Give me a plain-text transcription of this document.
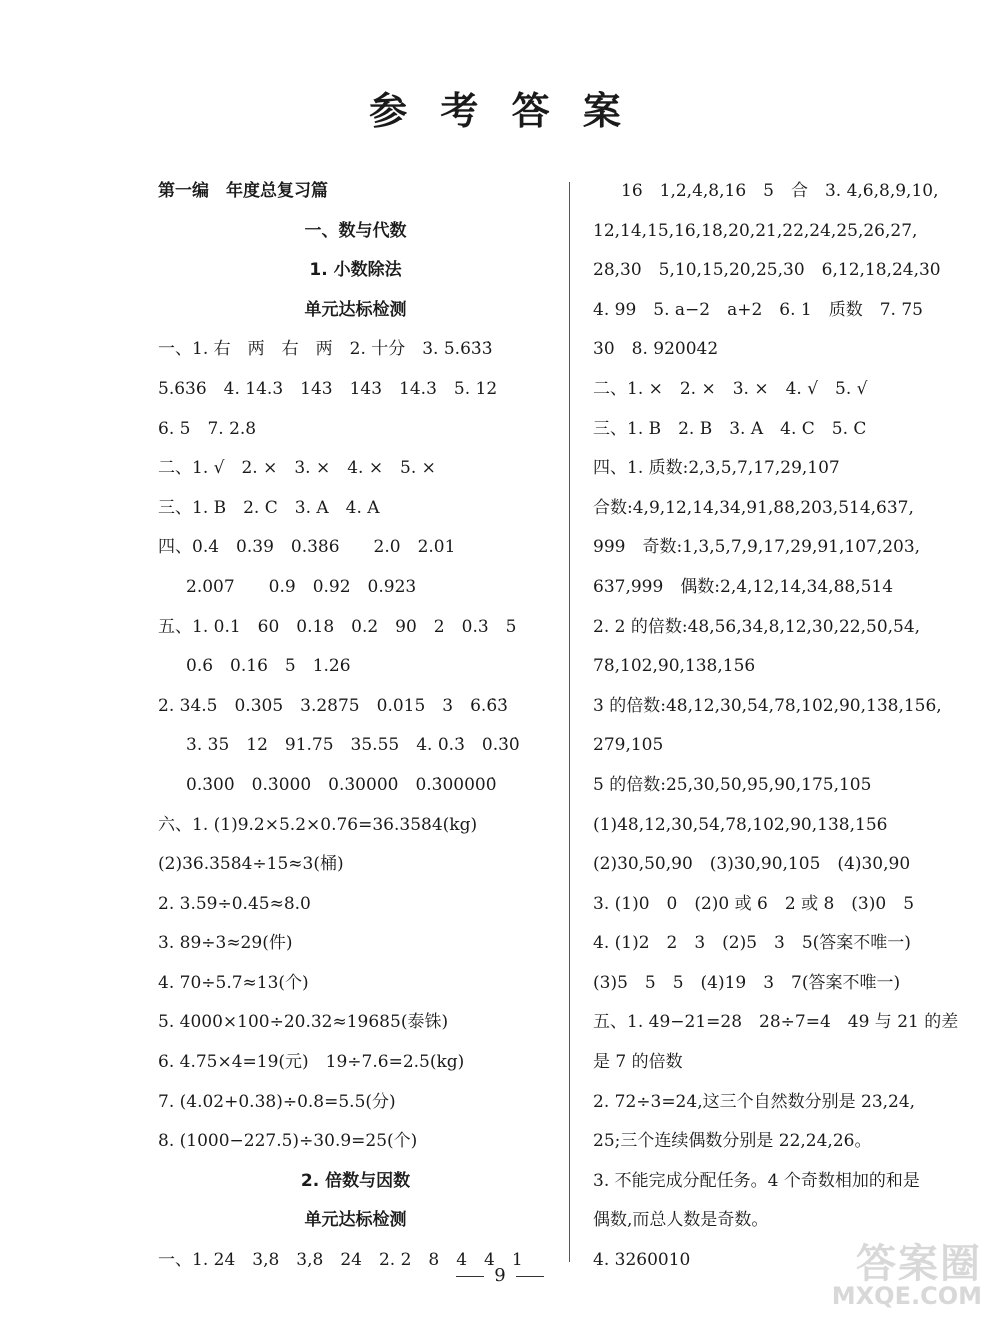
参 考 答 案
第一编　年度总复习篇
一、数与代数
1. 小数除法
单元达标检测
一、1. 右　两　右　两　2. 十分　3. 5.63̇3̇
5.636　4. 14.3　143　143　14.3　5. 12
6. 5　7. 2.8
二、1. √　2. ×　3. ×　4. ×　5. ×
三、1. B　2. C　3. A　4. A
四、0.4　0.39　0.386　　2.0　2.01
2.007　　0.9　0.92　0.923
五、1. 0.1　60　0.18　0.2　90　2　0.3　5
0.6　0.16　5　1.26
2. 34.5　0.305　3.2875　0.015　3　6.6̇3̇
3. 35　12　91.75　35.55　4. 0.3̇　0.3̇0̇
0.3̇00̇　0.3̇000̇　0.3̇0000̇　0.3̇00000̇
六、1. (1)9.2×5.2×0.76=36.3584(kg)
(2)36.3584÷15≈3(桶)
2. 3.59÷0.45≈8.0
3. 89÷3≈29(件)
4. 70÷5.7≈13(个)
5. 4000×100÷20.32≈19685(泰铢)
6. 4.75×4=19(元)　19÷7.6=2.5(kg)
7. (4.02+0.38)÷0.8=5.5(分)
8. (1000−227.5)÷30.9=25(个)
2. 倍数与因数
单元达标检测
一、1. 24　3,8　3,8　24　2. 2　8　4　4　1
16　1,2,4,8,16　5　合　3. 4,6,8,9,10,
12,14,15,16,18,20,21,22,24,25,26,27,
28,30　5,10,15,20,25,30　6,12,18,24,30
4. 99　5. a−2　a+2　6. 1　质数　7. 75
30　8. 920042
二、1. ×　2. ×　3. ×　4. √　5. √
三、1. B　2. B　3. A　4. C　5. C
四、1. 质数:2,3,5,7,17,29,107
合数:4,9,12,14,34,91,88,203,514,637,
999　奇数:1,3,5,7,9,17,29,91,107,203,
637,999　偶数:2,4,12,14,34,88,514
2. 2 的倍数:48,56,34,8,12,30,22,50,54,
78,102,90,138,156
3 的倍数:48,12,30,54,78,102,90,138,156,
279,105
5 的倍数:25,30,50,95,90,175,105
(1)48,12,30,54,78,102,90,138,156
(2)30,50,90　(3)30,90,105　(4)30,90
3. (1)0　0　(2)0 或 6　2 或 8　(3)0　5
4. (1)2　2　3　(2)5　3　5(答案不唯一)
(3)5　5　5　(4)19　3　7(答案不唯一)
五、1. 49−21=28　28÷7=4　49 与 21 的差
是 7 的倍数
2. 72÷3=24,这三个自然数分别是 23,24,
25;三个连续偶数分别是 22,24,26。
3. 不能完成分配任务。4 个奇数相加的和是
偶数,而总人数是奇数。
4. 3260010
9	答案圈
MXQE.COM
